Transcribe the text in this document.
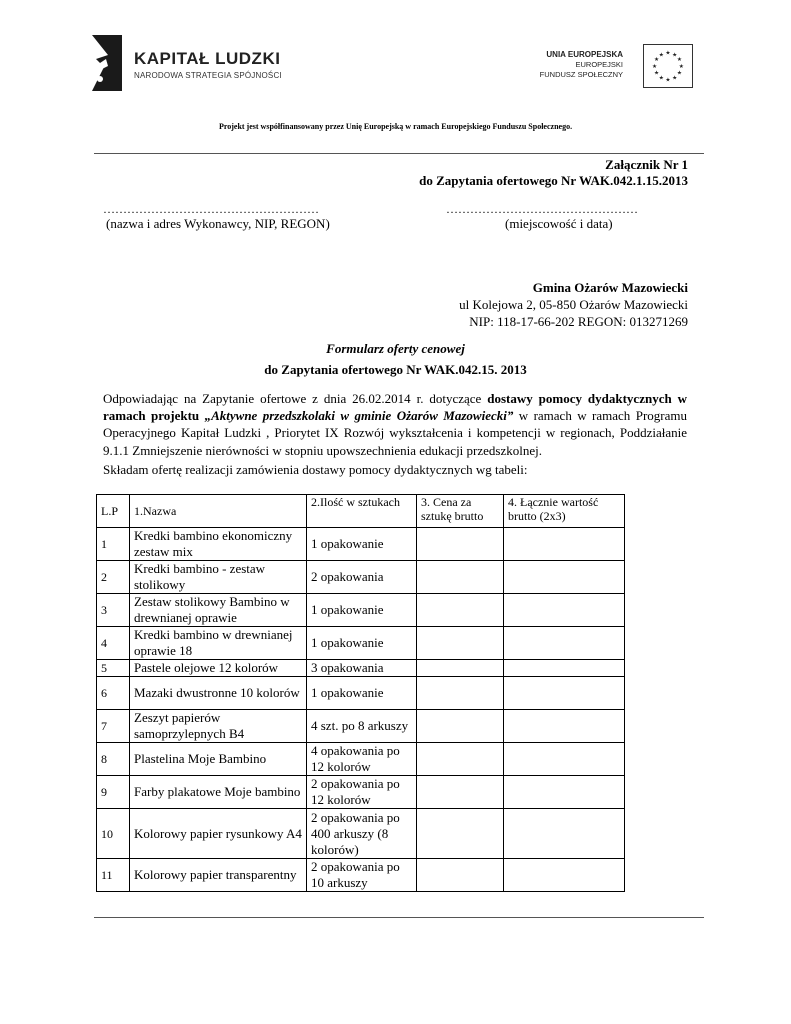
KAPITAŁ LUDZKI
NARODOWA STRATEGIA SPÓJNOŚCI
UNIA EUROPEJSKA
EUROPEJSKI
FUNDUSZ SPOŁECZNY
★ ★
★
★
★
★
★
★
★
★
★
★
Projekt jest współfinansowany przez Unię Europejską w ramach Europejskiego Funduszu Społecznego.
Załącznik Nr 1
do Zapytania ofertowego Nr WAK.042.1.15.2013
………………………………………………	…………………………………………
(nazwa i adres Wykonawcy, NIP, REGON)	(miejscowość i data)
Gmina Ożarów Mazowiecki
ul Kolejowa 2, 05-850 Ożarów Mazowiecki
NIP: 118-17-66-202 REGON: 013271269
Formularz oferty cenowej
do Zapytania ofertowego Nr WAK.042.15. 2013
Odpowiadając na Zapytanie ofertowe z dnia 26.02.2014 r. dotyczące dostawy pomocy dydaktycznych w ramach projektu „Aktywne przedszkolaki w gminie Ożarów Mazowiecki” w ramach w ramach Programu Operacyjnego Kapitał Ludzki , Priorytet IX Rozwój wykształcenia i kompetencji w regionach, Poddziałanie 9.1.1 Zmniejszenie nierówności w stopniu upowszechnienia edukacji przedszkolnej.
Składam ofertę realizacji zamówienia dostawy pomocy dydaktycznych wg tabeli:
L.P	1.Nazwa	2.Ilość w sztukach	3. Cena za sztukę brutto	4. Łącznie wartość brutto (2x3)
1	Kredki bambino ekonomiczny zestaw mix	1 opakowanie		
2	Kredki bambino - zestaw stolikowy	2 opakowania		
3	Zestaw stolikowy Bambino w drewnianej oprawie	1 opakowanie		
4	Kredki bambino w drewnianej oprawie 18	1 opakowanie		
5	Pastele olejowe 12 kolorów	3 opakowania		
6	Mazaki dwustronne 10 kolorów	1 opakowanie		
7	Zeszyt papierów samoprzylepnych B4	4 szt. po 8 arkuszy		
8	Plastelina Moje Bambino	4 opakowania po 12 kolorów		
9	Farby plakatowe Moje bambino	2 opakowania po 12 kolorów		
10	Kolorowy papier rysunkowy A4	2 opakowania po 400 arkuszy (8 kolorów)		
11	Kolorowy papier transparentny	2 opakowania po 10 arkuszy		
